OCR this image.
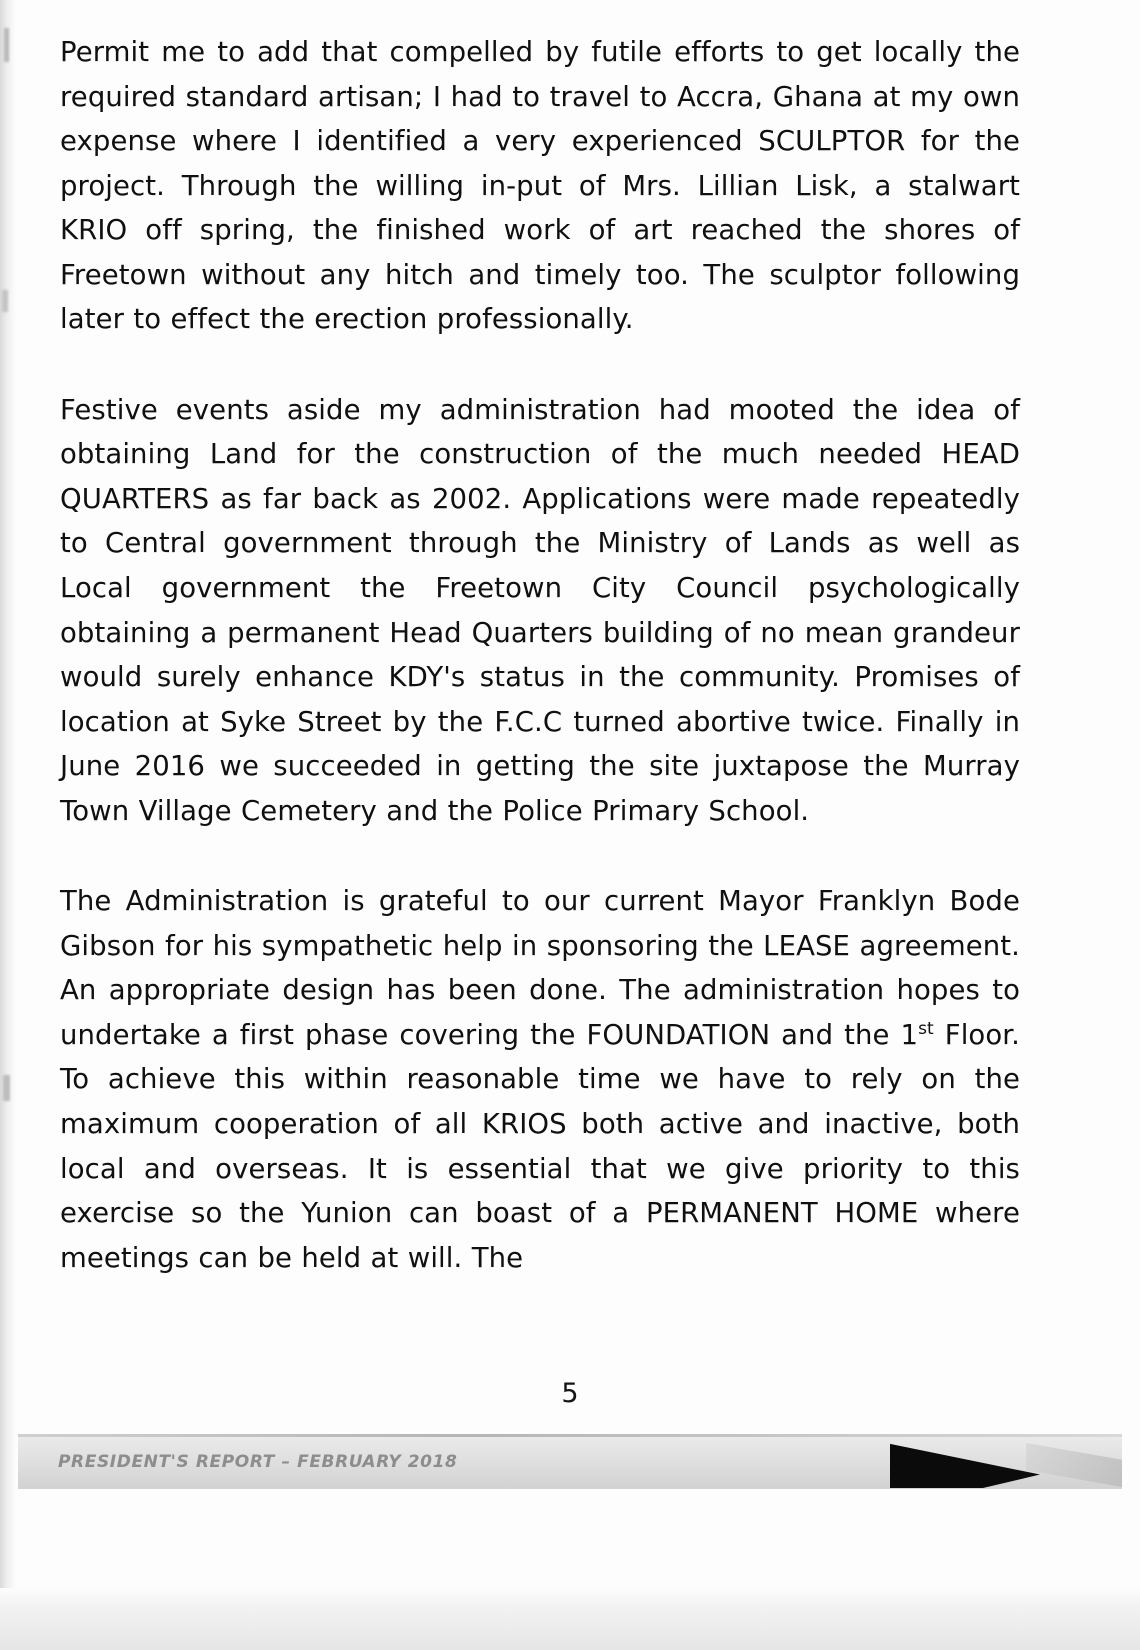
Permit me to add that compelled by futile efforts to get locally the required standard artisan; I had to travel to Accra, Ghana at my own expense where I identified a very experienced SCULPTOR for the project. Through the willing in-put of Mrs. Lillian Lisk, a stalwart KRIO off spring, the finished work of art reached the shores of Freetown without any hitch and timely too. The sculptor following later to effect the erection professionally.

Festive events aside my administration had mooted the idea of obtaining Land for the construction of the much needed HEAD QUARTERS as far back as 2002. Applications were made repeatedly to Central government through the Ministry of Lands as well as Local government the Freetown City Council psychologically obtaining a permanent Head Quarters building of no mean grandeur would surely enhance KDY's status in the community. Promises of location at Syke Street by the F.C.C turned abortive twice. Finally in June 2016 we succeeded in getting the site juxtapose the Murray Town Village Cemetery and the Police Primary School.

The Administration is grateful to our current Mayor Franklyn Bode Gibson for his sympathetic help in sponsoring the LEASE agreement. An appropriate design has been done. The administration hopes to undertake a first phase covering the FOUNDATION and the 1st Floor. To achieve this within reasonable time we have to rely on the maximum cooperation of all KRIOS both active and inactive, both local and overseas. It is essential that we give priority to this exercise so the Yunion can boast of a PERMANENT HOME where meetings can be held at will. The

5
PRESIDENT'S REPORT – FEBRUARY 2018
